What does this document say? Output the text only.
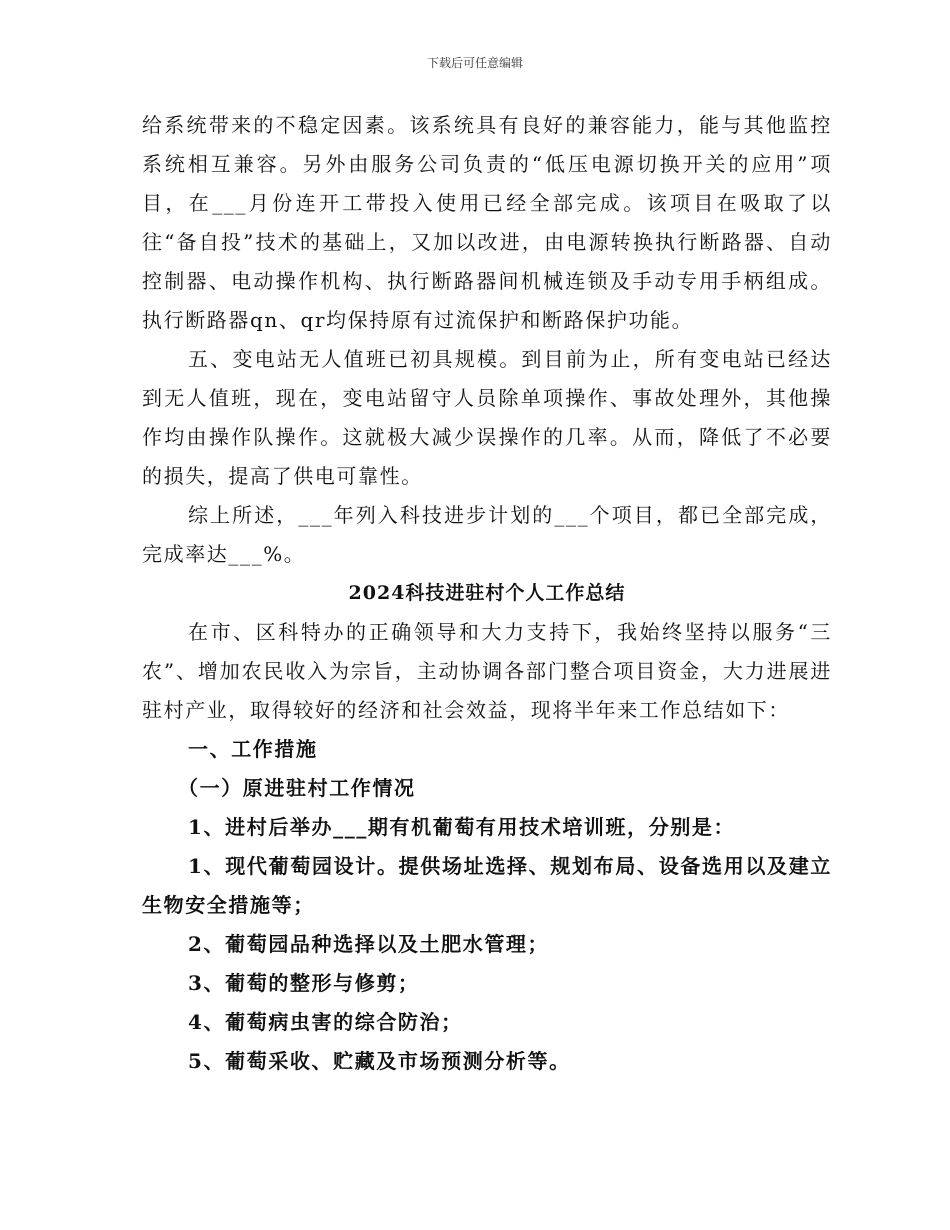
下载后可任意编辑

给系统带来的不稳定因素。该系统具有良好的兼容能力，能与其他监控系统相互兼容。另外由服务公司负责的“低压电源切换开关的应用”项目，在___月份连开工带投入使用已经全部完成。该项目在吸取了以往“备自投”技术的基础上，又加以改进，由电源转换执行断路器、自动控制器、电动操作机构、执行断路器间机械连锁及手动专用手柄组成。执行断路器qn、qr均保持原有过流保护和断路保护功能。

五、变电站无人值班已初具规模。到目前为止，所有变电站已经达到无人值班，现在，变电站留守人员除单项操作、事故处理外，其他操作均由操作队操作。这就极大减少误操作的几率。从而，降低了不必要的损失，提高了供电可靠性。

综上所述，___年列入科技进步计划的___个项目，都已全部完成，完成率达___%。

2024科技进驻村个人工作总结

在市、区科特办的正确领导和大力支持下，我始终坚持以服务“三农”、增加农民收入为宗旨，主动协调各部门整合项目资金，大力进展进驻村产业，取得较好的经济和社会效益，现将半年来工作总结如下：

一、工作措施

（一）原进驻村工作情况

1、进村后举办___期有机葡萄有用技术培训班，分别是：

1、现代葡萄园设计。提供场址选择、规划布局、设备选用以及建立生物安全措施等；

2、葡萄园品种选择以及土肥水管理；

3、葡萄的整形与修剪；

4、葡萄病虫害的综合防治；

5、葡萄采收、贮藏及市场预测分析等。
